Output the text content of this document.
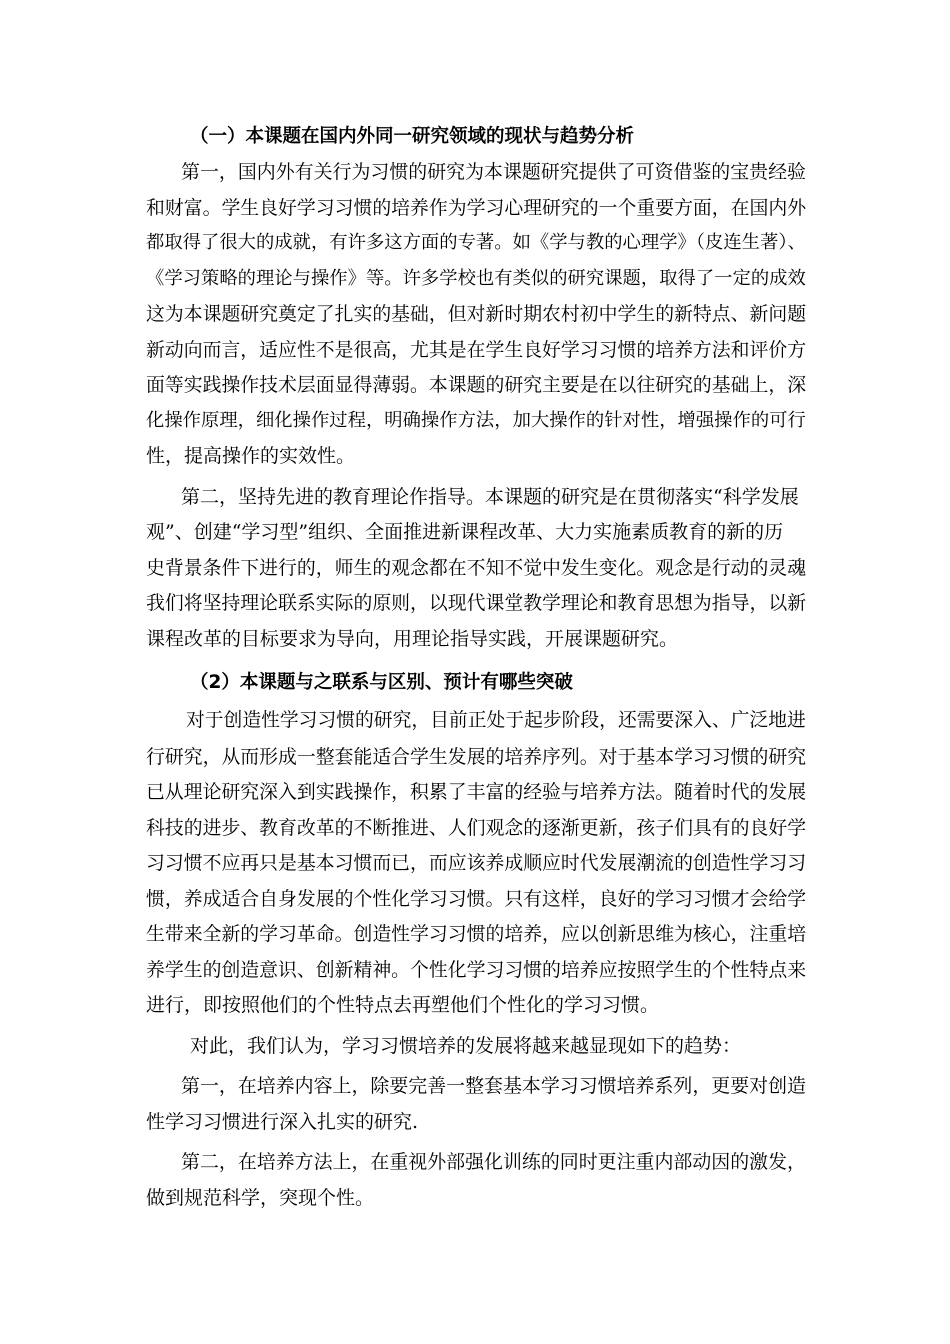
（一）本课题在国内外同一研究领域的现状与趋势分析
第一，国内外有关行为习惯的研究为本课题研究提供了可资借鉴的宝贵经验
和财富。学生良好学习习惯的培养作为学习心理研究的一个重要方面，在国内外
都取得了很大的成就，有许多这方面的专著。如《学与教的心理学》（皮连生著）、
《学习策略的理论与操作》等。许多学校也有类似的研究课题，取得了一定的成效
这为本课题研究奠定了扎实的基础，但对新时期农村初中学生的新特点、新问题
新动向而言，适应性不是很高，尤其是在学生良好学习习惯的培养方法和评价方
面等实践操作技术层面显得薄弱。本课题的研究主要是在以往研究的基础上，深
化操作原理，细化操作过程，明确操作方法，加大操作的针对性，增强操作的可行
性，提高操作的实效性。
第二，坚持先进的教育理论作指导。本课题的研究是在贯彻落实“科学发展
观”、创建“学习型”组织、全面推进新课程改革、大力实施素质教育的新的历
史背景条件下进行的，师生的观念都在不知不觉中发生变化。观念是行动的灵魂
我们将坚持理论联系实际的原则，以现代课堂教学理论和教育思想为指导，以新
课程改革的目标要求为导向，用理论指导实践，开展课题研究。
（2）本课题与之联系与区别、预计有哪些突破
对于创造性学习习惯的研究，目前正处于起步阶段，还需要深入、广泛地进
行研究，从而形成一整套能适合学生发展的培养序列。对于基本学习习惯的研究
已从理论研究深入到实践操作，积累了丰富的经验与培养方法。随着时代的发展
科技的进步、教育改革的不断推进、人们观念的逐渐更新，孩子们具有的良好学
习习惯不应再只是基本习惯而已，而应该养成顺应时代发展潮流的创造性学习习
惯，养成适合自身发展的个性化学习习惯。只有这样，良好的学习习惯才会给学
生带来全新的学习革命。创造性学习习惯的培养，应以创新思维为核心，注重培
养学生的创造意识、创新精神。个性化学习习惯的培养应按照学生的个性特点来
进行，即按照他们的个性特点去再塑他们个性化的学习习惯。
对此，我们认为，学习习惯培养的发展将越来越显现如下的趋势：
第一，在培养内容上，除要完善一整套基本学习习惯培养系列，更要对创造
性学习习惯进行深入扎实的研究.
第二，在培养方法上，在重视外部强化训练的同时更注重内部动因的激发，
做到规范科学，突现个性。
